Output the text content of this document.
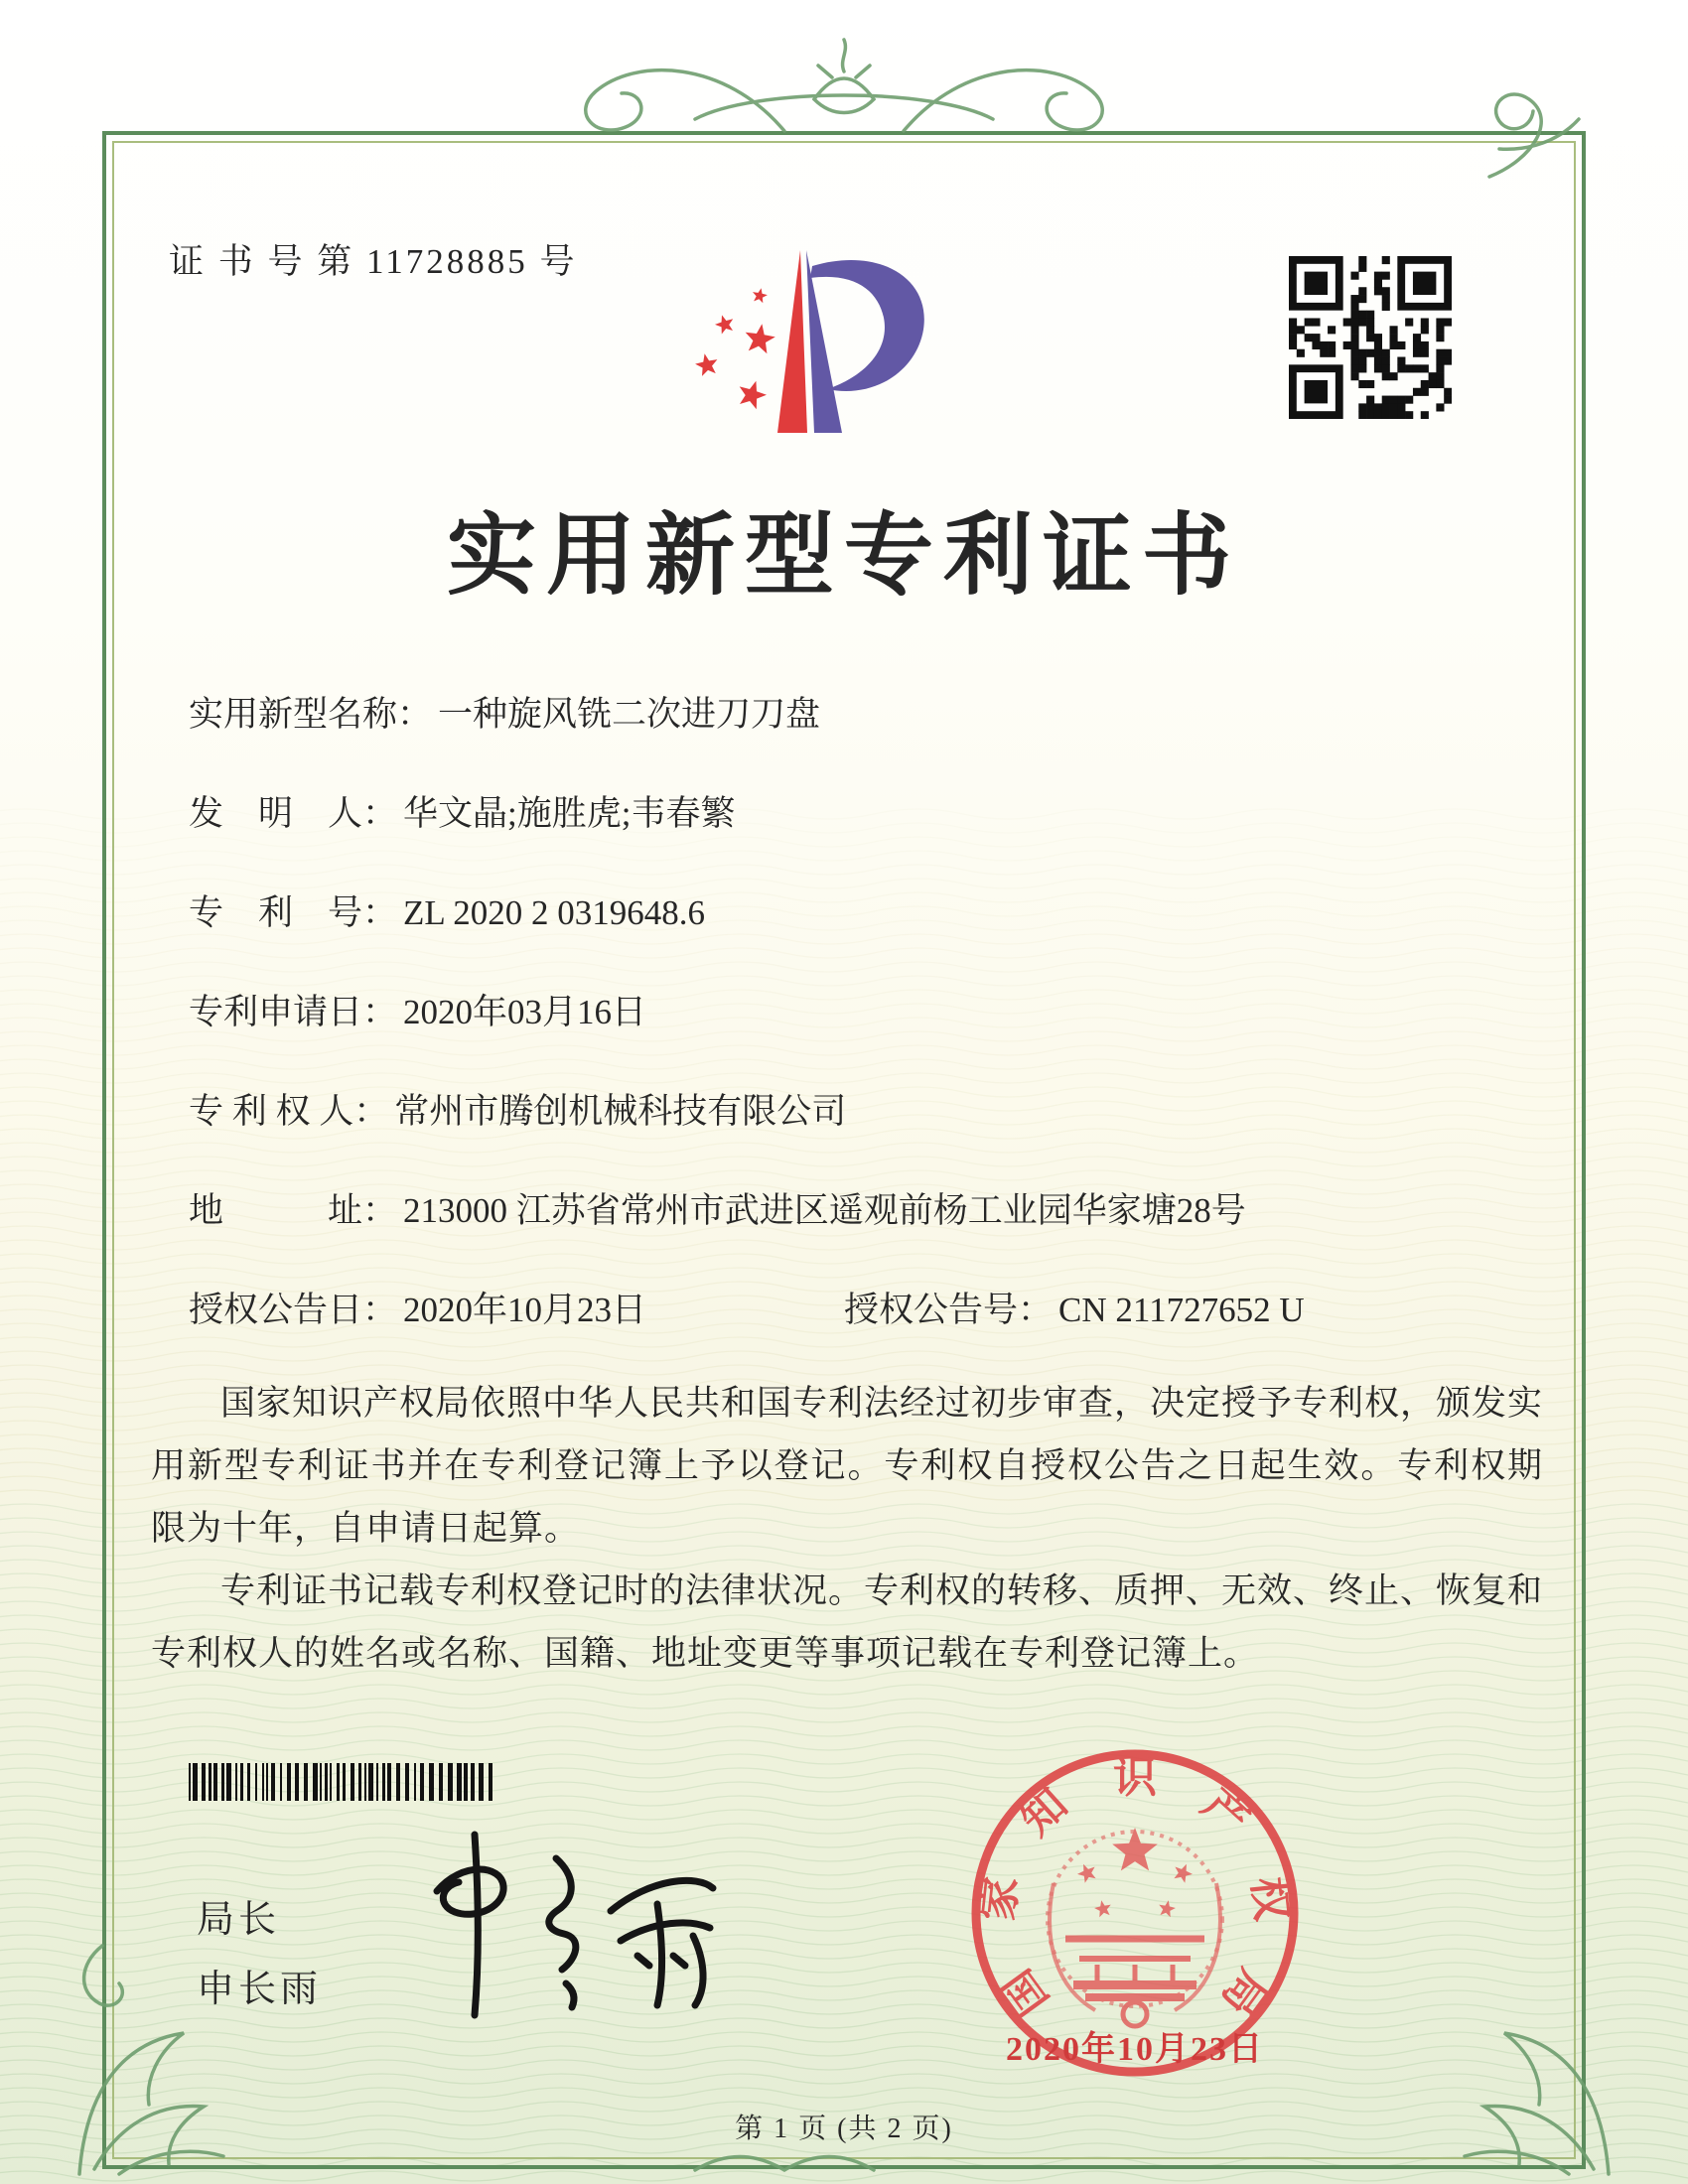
证 书 号 第 11728885 号
实用新型专利证书
实用新型名称： 一种旋风铣二次进刀刀盘
发　明　人： 华文晶;施胜虎;韦春繁
专　利　号： ZL 2020 2 0319648.6
专利申请日： 2020年03月16日
专 利 权 人： 常州市腾创机械科技有限公司
地　　　址： 213000 江苏省常州市武进区遥观前杨工业园华家塘28号
授权公告日： 2020年10月23日	授权公告号： CN 211727652 U

国家知识产权局依照中华人民共和国专利法经过初步审查，决定授予专利权，颁发实用新型专利证书并在专利登记簿上予以登记。专利权自授权公告之日起生效。专利权期限为十年，自申请日起算。

专利证书记载专利权登记时的法律状况。专利权的转移、质押、无效、终止、恢复和专利权人的姓名或名称、国籍、地址变更等事项记载在专利登记簿上。

局长
申长雨	国
家
知
识
产
权
局
2020年10月23日
第 1 页 (共 2 页)
